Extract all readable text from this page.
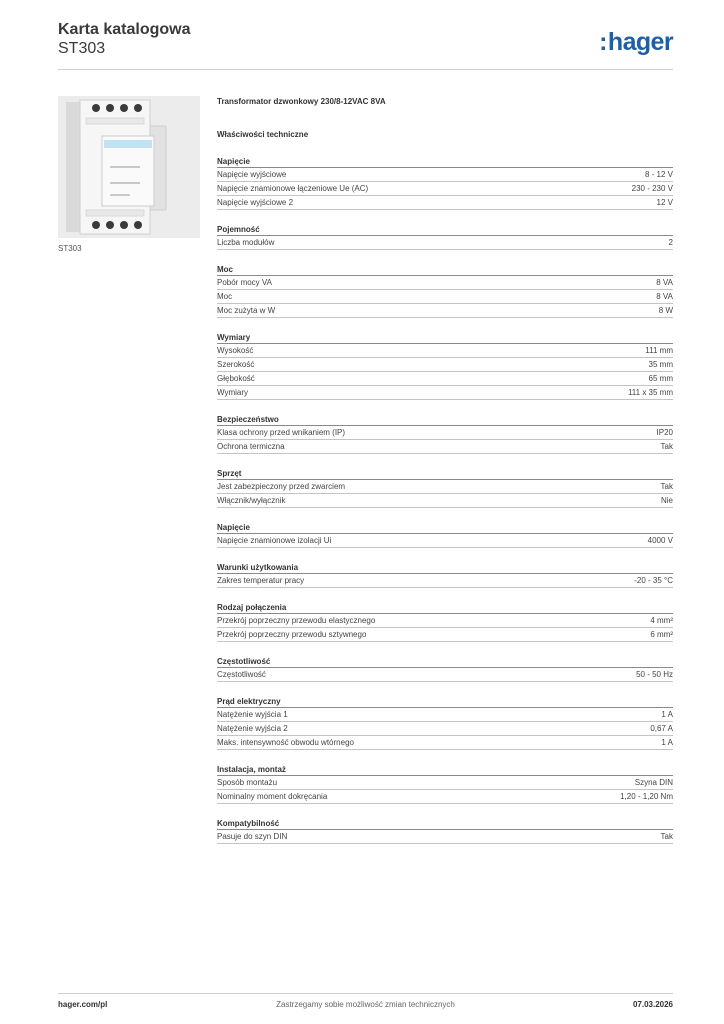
Karta katalogowa
ST303	:hager
ST303
Transformator dzwonkowy 230/8-12VAC 8VA
Właściwości techniczne
Napięcie
Napięcie wyjściowe	8 - 12 V
Napięcie znamionowe łączeniowe Ue (AC)	230 - 230 V
Napięcie wyjściowe 2	12 V
Pojemność
Liczba modułów	2
Moc
Pobór mocy VA	8 VA
Moc	8 VA
Moc zużyta w W	8 W
Wymiary
Wysokość	111 mm
Szerokość	35 mm
Głębokość	65 mm
Wymiary	111 x 35 mm
Bezpieczeństwo
Klasa ochrony przed wnikaniem (IP)	IP20
Ochrona termiczna	Tak
Sprzęt
Jest zabezpieczony przed zwarciem	Tak
Włącznik/wyłącznik	Nie
Napięcie
Napięcie znamionowe izolacji Ui	4000 V
Warunki użytkowania
Zakres temperatur pracy	-20 - 35 °C
Rodzaj połączenia
Przekrój poprzeczny przewodu elastycznego	4 mm²
Przekrój poprzeczny przewodu sztywnego	6 mm²
Częstotliwość
Częstotliwość	50 - 50 Hz
Prąd elektryczny
Natężenie wyjścia 1	1 A
Natężenie wyjścia 2	0,67 A
Maks. intensywność obwodu wtórnego	1 A
Instalacja, montaż
Sposób montażu	Szyna DIN
Nominalny moment dokręcania	1,20 - 1,20 Nm
Kompatybilność
Pasuje do szyn DIN	Tak
hager.com/pl	Zastrzegamy sobie możliwość zmian technicznych	07.03.2026
